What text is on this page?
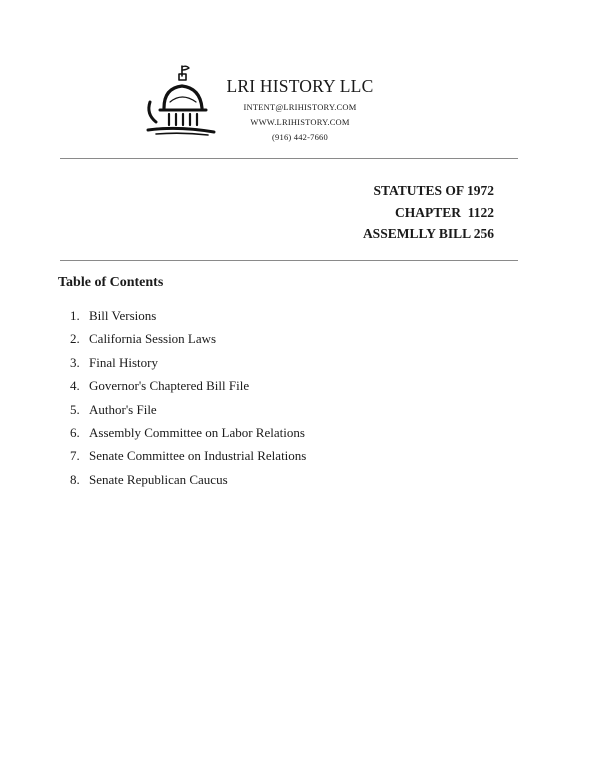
LRI HISTORY LLC
INTENT@LRIHISTORY.COM
WWW.LRIHISTORY.COM
(916) 442-7660
STATUTES OF 1972
CHAPTER  1122
ASSEMLLY BILL 256
Table of Contents
1. Bill Versions
2. California Session Laws
3. Final History
4. Governor's Chaptered Bill File
5. Author's File
6. Assembly Committee on Labor Relations
7. Senate Committee on Industrial Relations
8. Senate Republican Caucus
